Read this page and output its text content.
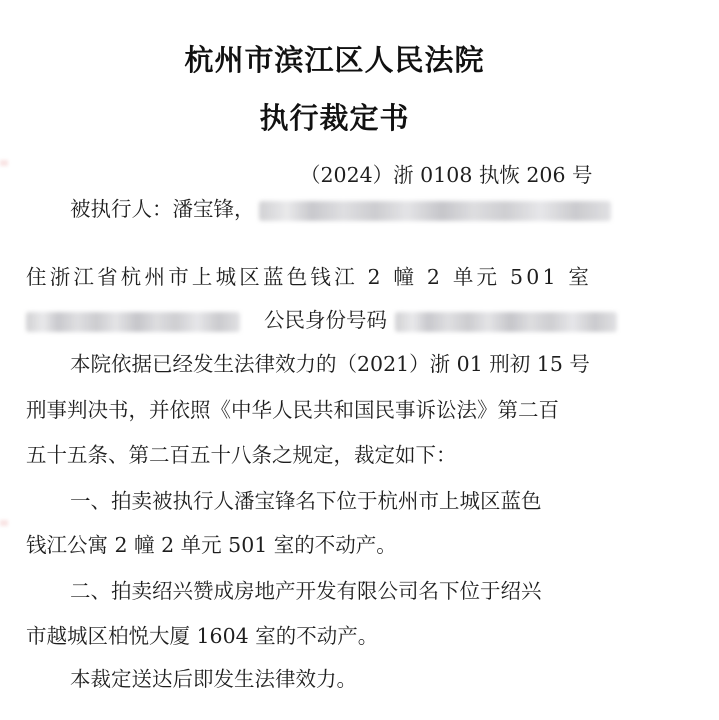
杭州市滨江区人民法院
执行裁定书
（2024）浙 0108 执恢 206 号
被执行人：潘宝锋，
住浙江省杭州市上城区蓝色钱江 2 幢 2 单元 501 室
公民身份号码
本院依据已经发生法律效力的（2021）浙 01 刑初 15 号
刑事判决书，并依照《中华人民共和国民事诉讼法》第二百
五十五条、第二百五十八条之规定，裁定如下：
一、拍卖被执行人潘宝锋名下位于杭州市上城区蓝色
钱江公寓 2 幢 2 单元 501 室的不动产。
二、拍卖绍兴赞成房地产开发有限公司名下位于绍兴
市越城区柏悦大厦 1604 室的不动产。
本裁定送达后即发生法律效力。
